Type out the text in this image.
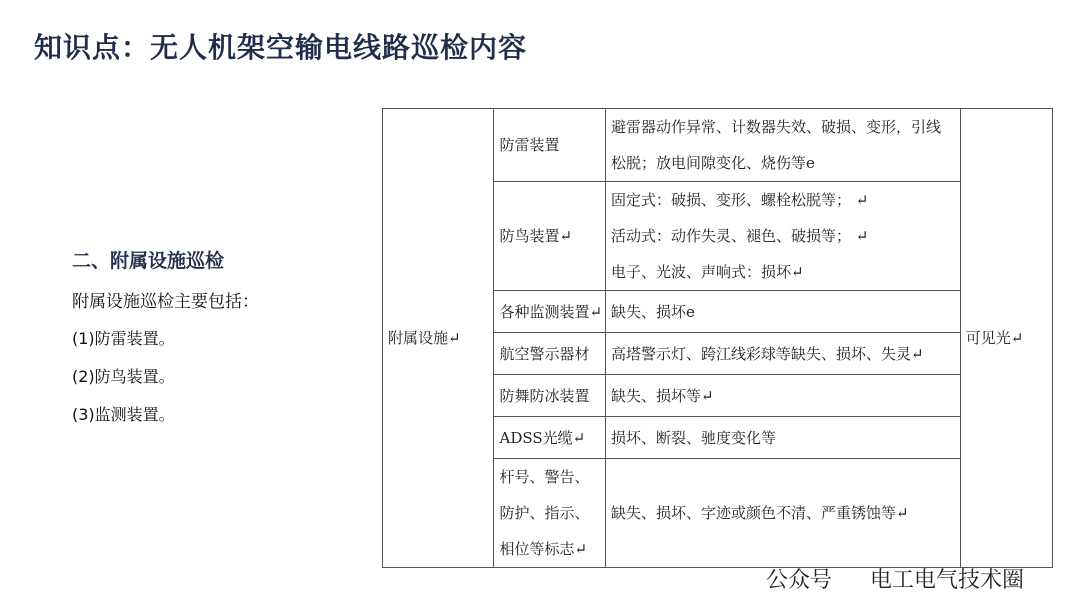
知识点：无人机架空输电线路巡检内容
二、附属设施巡检
附属设施巡检主要包括：
(1)防雷装置。
(2)防鸟装置。
(3)监测装置。
附属设施↵	防雷装置	避雷器动作异常、计数器失效、破损、变形，引线松脱；放电间隙变化、烧伤等e	可见光↵
	防鸟装置↵	固定式：破损、变形、螺栓松脱等； ↵
活动式：动作失灵、褪色、破损等； ↵
电子、光波、声响式：损坏↵	

	各种监测装置↵	缺失、损坏e	
	航空警示器材	高塔警示灯、跨江线彩球等缺失、损坏、失灵↵	
	防舞防冰装置	缺失、损坏等↵	
	ADSS光缆↵	损坏、断裂、驰度变化等	
	杆号、警告、防护、指示、相位等标志↵	缺失、损坏、字迹或颜色不清、严重锈蚀等↵	
公众号 电工电气技术圈
